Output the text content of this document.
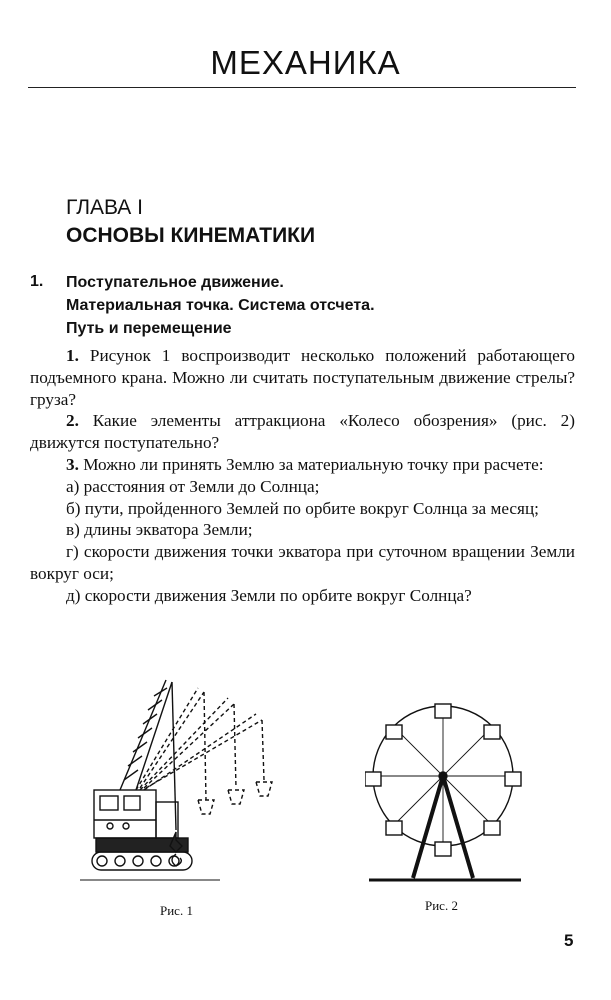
МЕХАНИКА
ГЛАВА I
ОСНОВЫ КИНЕМАТИКИ
1. Поступательное движение.
Материальная точка. Система отсчета.
Путь и перемещение

1. Рисунок 1 воспроизводит несколько положений работающего подъемного крана. Можно ли считать поступательным движение стрелы? груза?

2. Какие элементы аттракциона «Колесо обозрения» (рис. 2) движутся поступательно?

3. Можно ли принять Землю за материальную точку при расчете:

а) расстояния от Земли до Солнца;

б) пути, пройденного Землей по орбите вокруг Солнца за месяц;

в) длины экватора Земли;

г) скорости движения точки экватора при суточном вращении Земли вокруг оси;

д) скорости движения Земли по орбите вокруг Солнца?

Рис. 1	Рис. 2
5
